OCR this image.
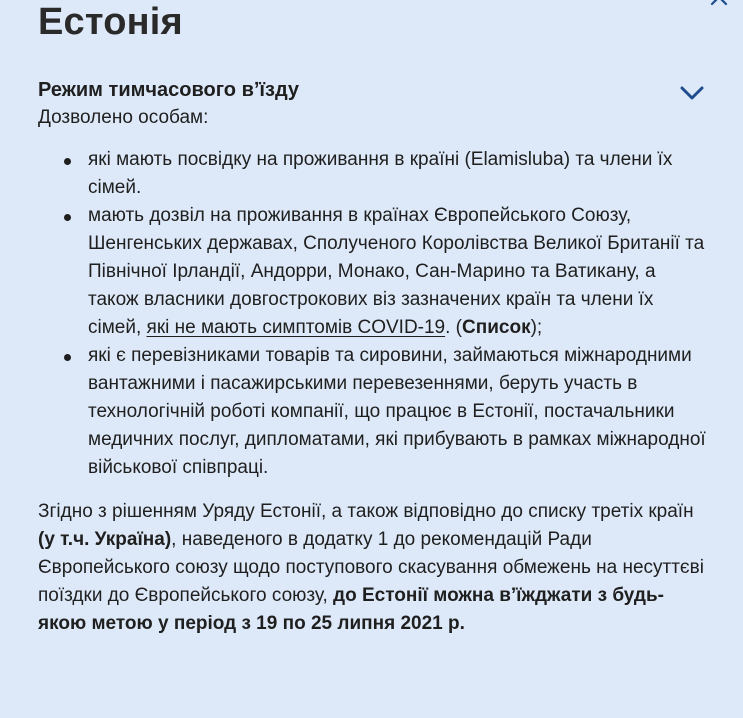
Естонія
Режим тимчасового вʼїзду

Дозволено особам:

які мають посвідку на проживання в країні (Elamisluba) та члени їх сімей.
мають дозвіл на проживання в країнах Європейського Союзу, Шенгенських державах, Сполученого Королівства Великої Британії та Північної Ірландії, Андорри, Монако, Сан-Марино та Ватикану, а також власники довгострокових віз зазначених країн та члени їх сімей, які не мають симптомів COVID-19. (Список);
які є перевізниками товарів та сировини, займаються міжнародними вантажними і пасажирськими перевезеннями, беруть участь в технологічній роботі компанії, що працює в Естонії, постачальники медичних послуг, дипломатами, які прибувають в рамках міжнародної військової співпраці.

Згідно з рішенням Уряду Естонії, а також відповідно до списку третіх країн (у т.ч. Україна), наведеного в додатку 1 до рекомендацій Ради Європейського союзу щодо поступового скасування обмежень на несуттєві поїздки до Європейського союзу, до Естонії можна вʼїжджати з будь-якою метою у період з 19 по 25 липня 2021 р.
